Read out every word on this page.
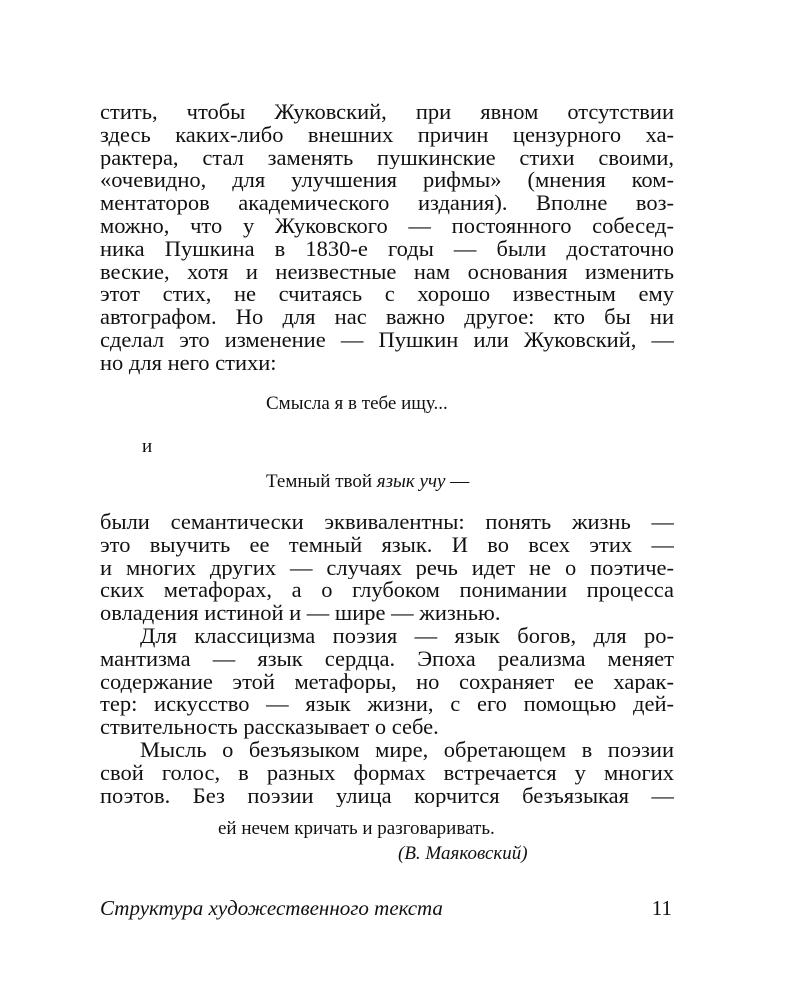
стить, чтобы Жуковский, при явном отсутствии
здесь каких-либо внешних причин цензурного ха-
рактера, стал заменять пушкинские стихи своими,
«очевидно, для улучшения рифмы» (мнения ком-
ментаторов академического издания). Вполне воз-
можно, что у Жуковского — постоянного собесед-
ника Пушкина в 1830-е годы — были достаточно
веские, хотя и неизвестные нам основания изменить
этот стих, не считаясь с хорошо известным ему
автографом. Но для нас важно другое: кто бы ни
сделал это изменение — Пушкин или Жуковский, —
но для него стихи:
Смысла я в тебе ищу...
и
Темный твой язык учу —
были семантически эквивалентны: понять жизнь —
это выучить ее темный язык. И во всех этих —
и многих других — случаях речь идет не о поэтиче-
ских метафорах, а о глубоком понимании процесса
овладения истиной и — шире — жизнью.
Для классицизма поэзия — язык богов, для ро-
мантизма — язык сердца. Эпоха реализма меняет
содержание этой метафоры, но сохраняет ее харак-
тер: искусство — язык жизни, с его помощью дей-
ствительность рассказывает о себе.
Мысль о безъязыком мире, обретающем в поэзии
свой голос, в разных формах встречается у многих
поэтов. Без поэзии улица корчится безъязыкая —
ей нечем кричать и разговаривать.
(В. Маяковский)
Структура художественного текста	11
